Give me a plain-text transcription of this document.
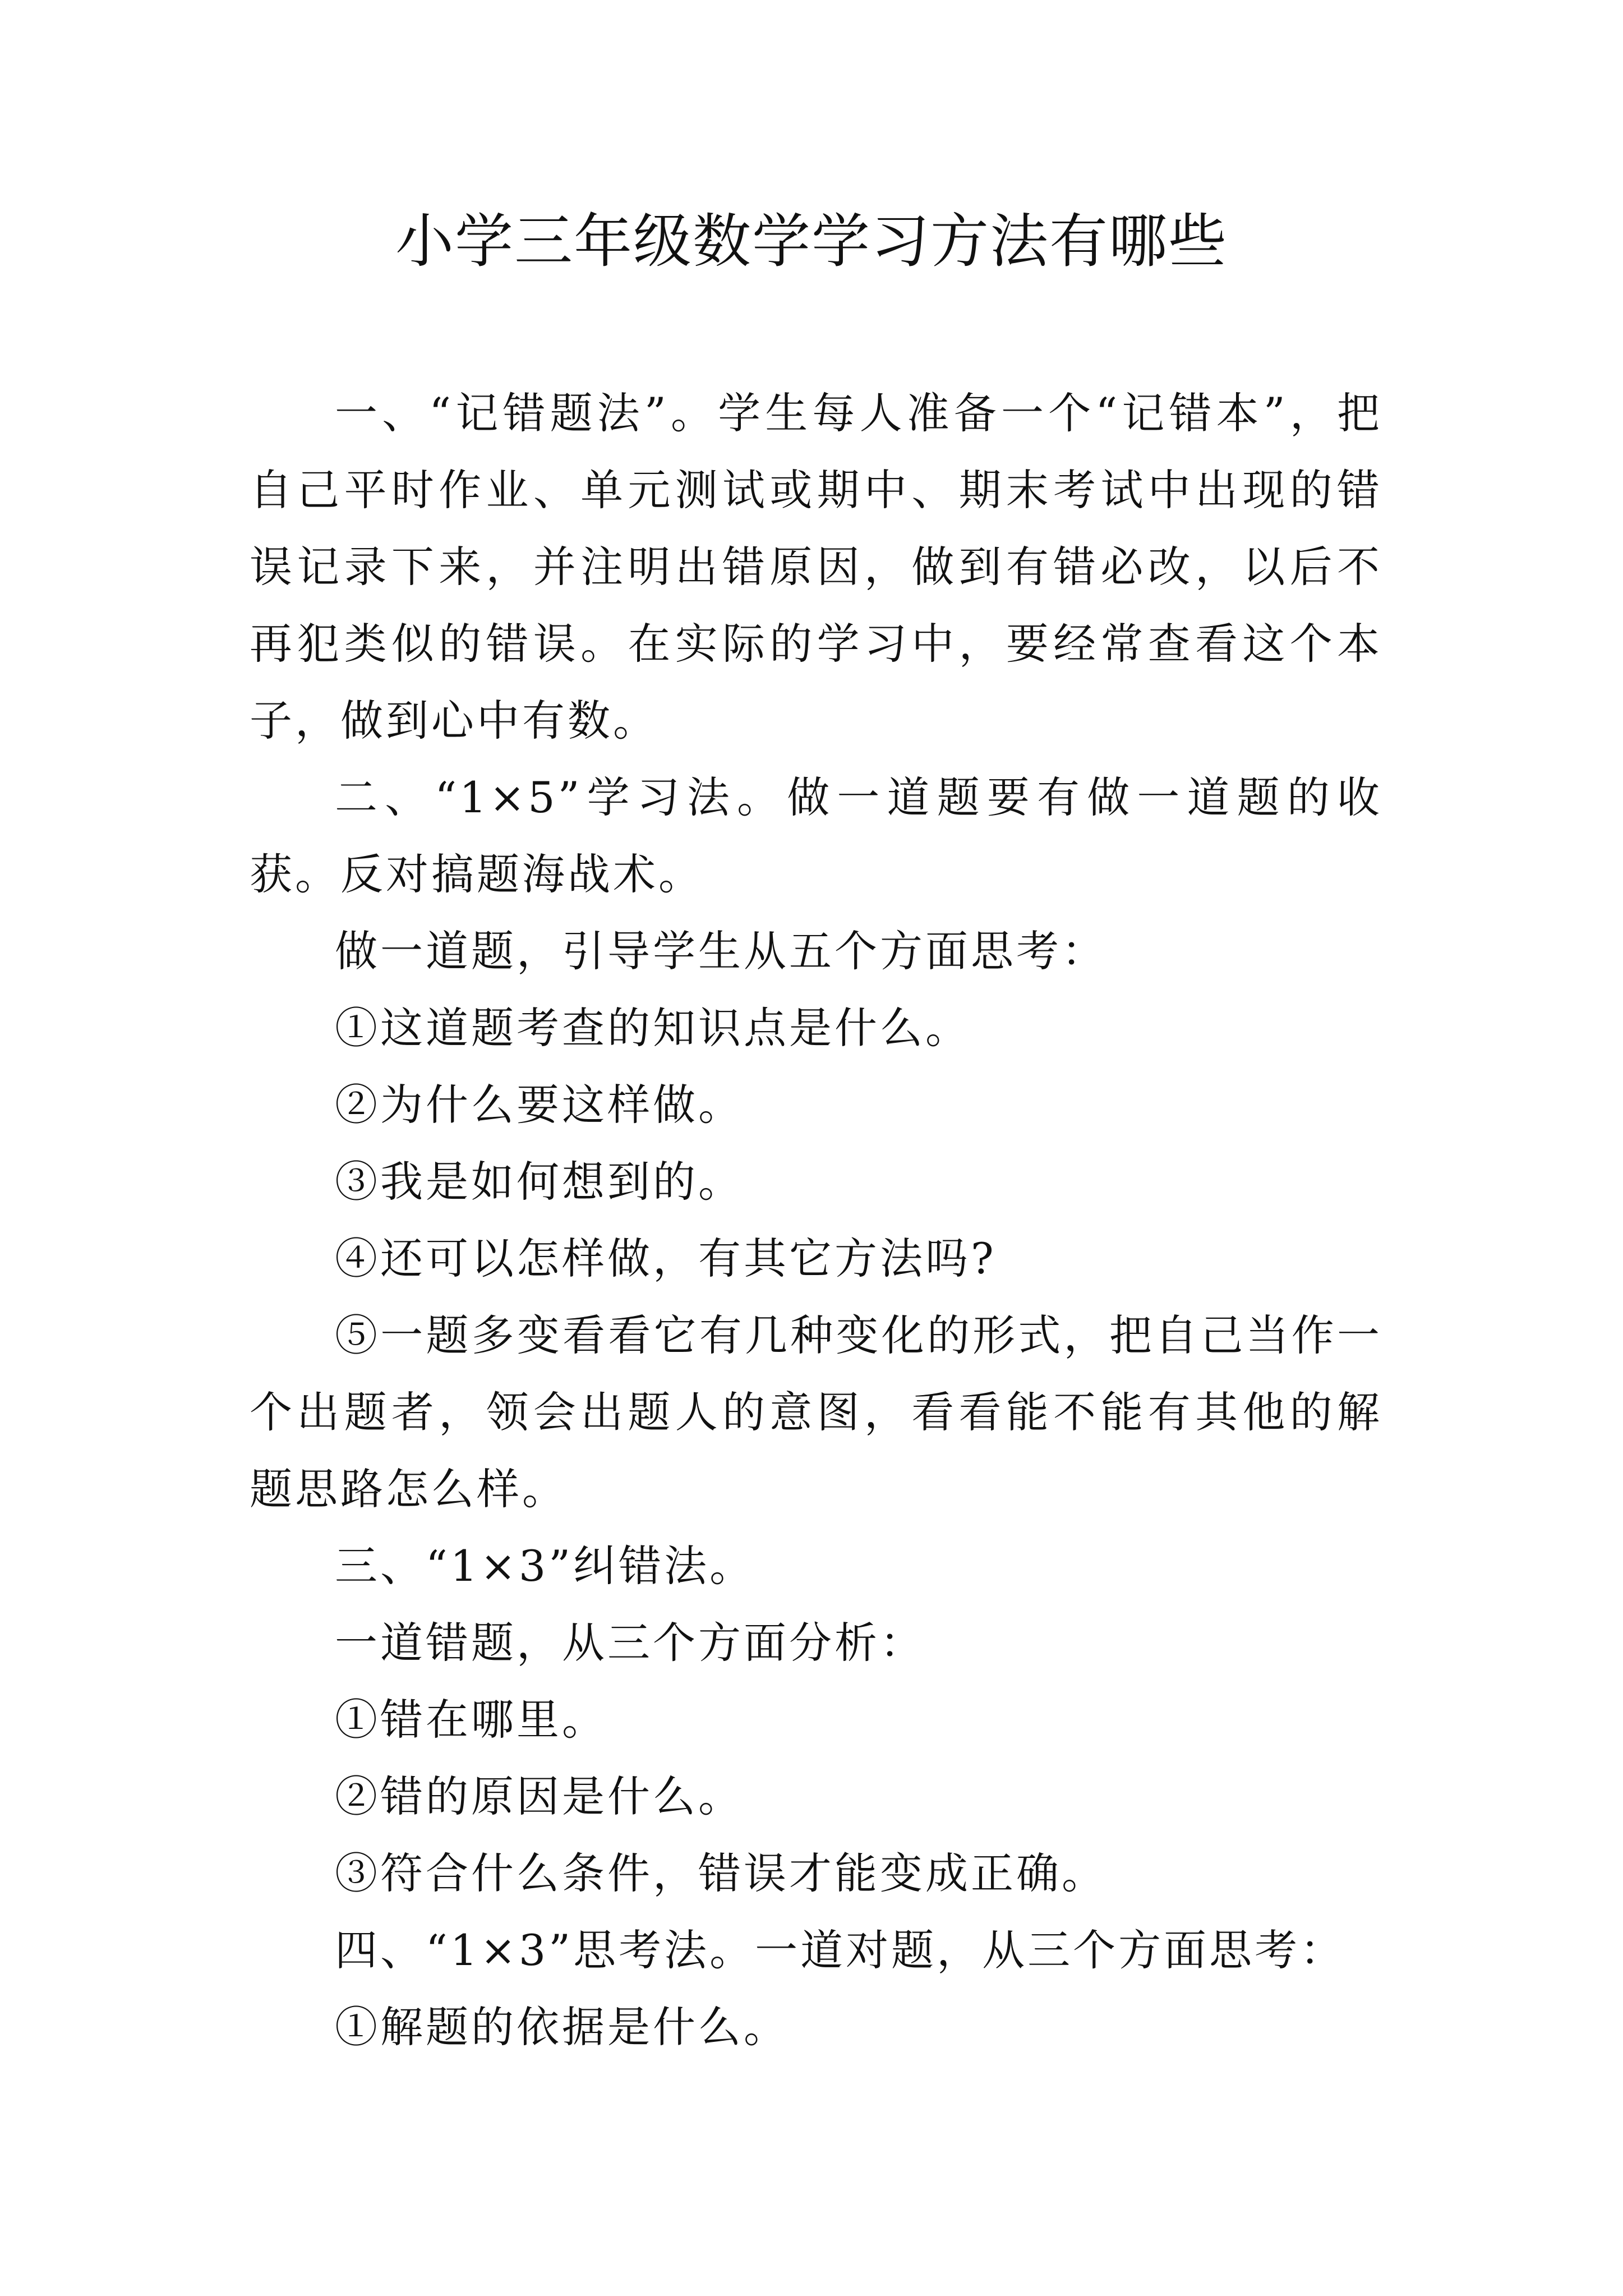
小学三年级数学学习方法有哪些

一、“记错题法”。学生每人准备一个“记错本”，把自己平时作业、单元测试或期中、期末考试中出现的错误记录下来，并注明出错原因，做到有错必改，以后不再犯类似的错误。在实际的学习中，要经常查看这个本子，做到心中有数。

二、“1×5”学习法。做一道题要有做一道题的收获。反对搞题海战术。

做一道题，引导学生从五个方面思考：

①这道题考查的知识点是什么。

②为什么要这样做。

③我是如何想到的。

④还可以怎样做，有其它方法吗?

⑤一题多变看看它有几种变化的形式，把自己当作一个出题者，领会出题人的意图，看看能不能有其他的解题思路怎么样。

三、“1×3”纠错法。

一道错题，从三个方面分析：

①错在哪里。

②错的原因是什么。

③符合什么条件，错误才能变成正确。

四、“1×3”思考法。一道对题，从三个方面思考：

①解题的依据是什么。
